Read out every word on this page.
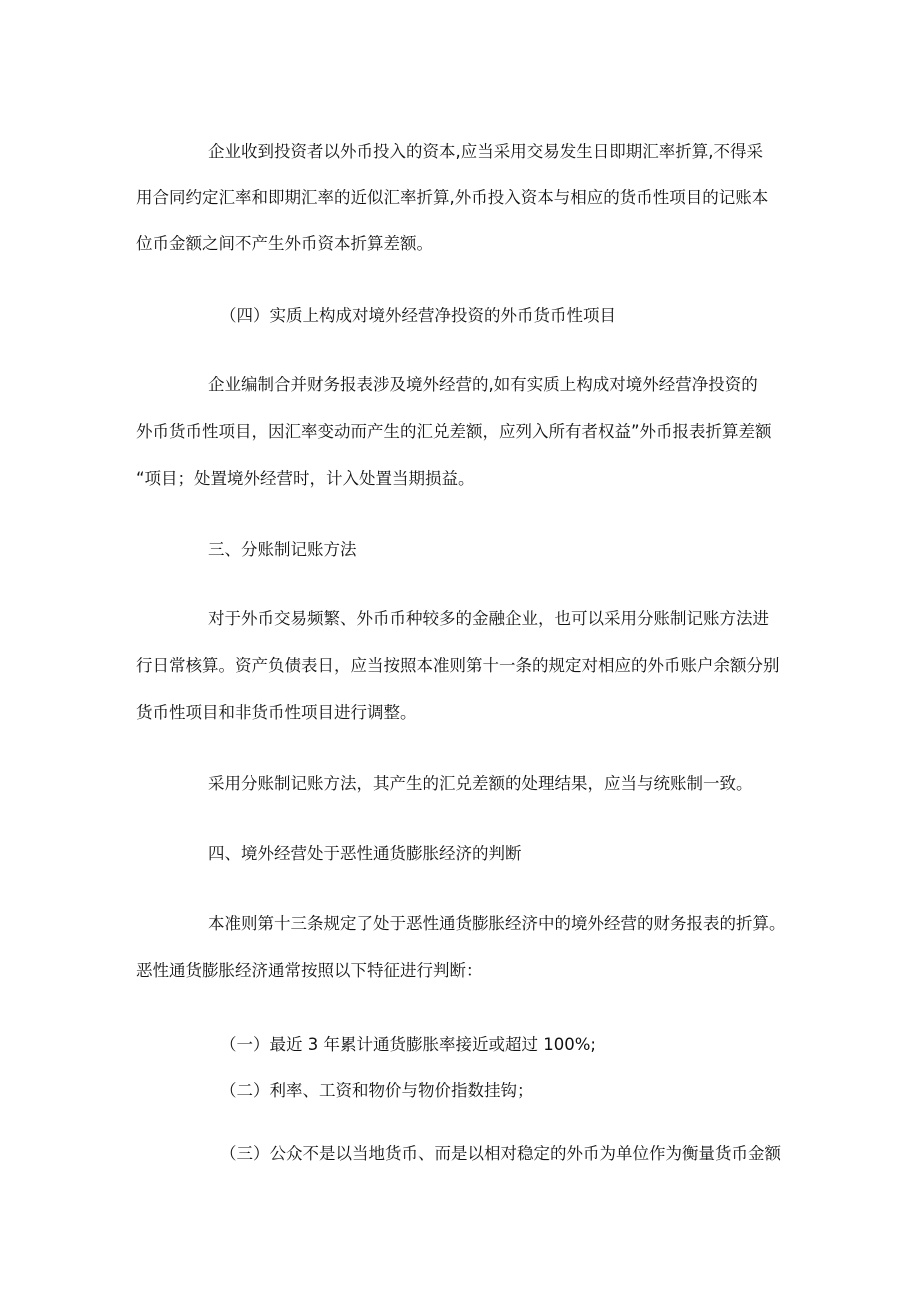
企业收到投资者以外币投入的资本,应当采用交易发生日即期汇率折算,不得采
用合同约定汇率和即期汇率的近似汇率折算,外币投入资本与相应的货币性项目的记账本
位币金额之间不产生外币资本折算差额。
（四）实质上构成对境外经营净投资的外币货币性项目
企业编制合并财务报表涉及境外经营的,如有实质上构成对境外经营净投资的
外币货币性项目，因汇率变动而产生的汇兑差额，应列入所有者权益”外币报表折算差额
“项目；处置境外经营时，计入处置当期损益。
三、分账制记账方法
对于外币交易频繁、外币币种较多的金融企业，也可以采用分账制记账方法进
行日常核算。资产负债表日，应当按照本准则第十一条的规定对相应的外币账户余额分别
货币性项目和非货币性项目进行调整。
采用分账制记账方法，其产生的汇兑差额的处理结果，应当与统账制一致。
四、境外经营处于恶性通货膨胀经济的判断
本准则第十三条规定了处于恶性通货膨胀经济中的境外经营的财务报表的折算。
恶性通货膨胀经济通常按照以下特征进行判断：
（一）最近 3 年累计通货膨胀率接近或超过 100%;
（二）利率、工资和物价与物价指数挂钩；
（三）公众不是以当地货币、而是以相对稳定的外币为单位作为衡量货币金额
